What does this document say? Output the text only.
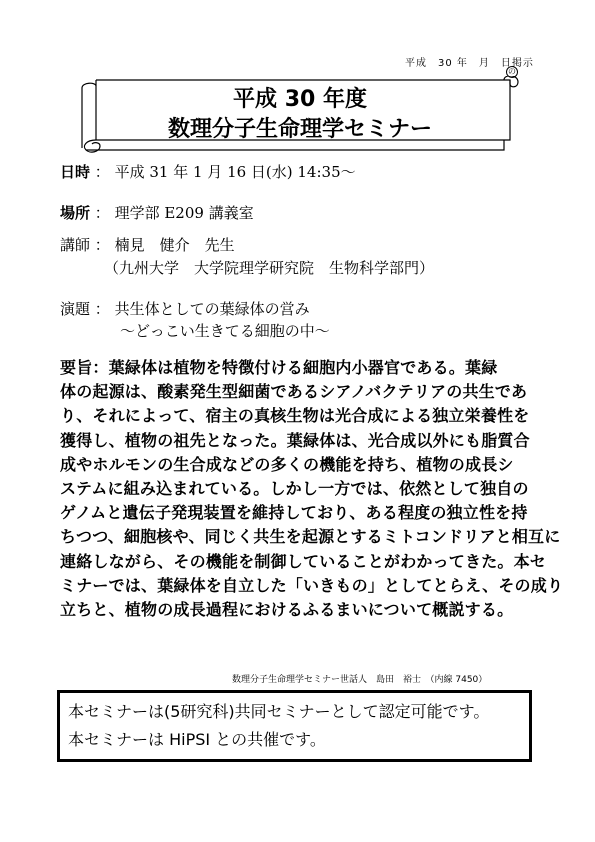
平成　30 年　月　日掲示
の
平成 30 年度
数理分子生命理学セミナー
日時 ： 平成 31 年 1 月 16 日(水) 14:35〜
場所 ： 理学部 E209 講義室
講師 ： 楠見　健介　先生
（九州大学　大学院理学研究院　生物科学部門）
演題 ： 共生体としての葉緑体の営み
〜どっこい生きてる細胞の中〜
要旨：葉緑体は植物を特徴付ける細胞内小器官である。葉緑
体の起源は、酸素発生型細菌であるシアノバクテリアの共生であ
り、それによって、宿主の真核生物は光合成による独立栄養性を
獲得し、植物の祖先となった。葉緑体は、光合成以外にも脂質合
成やホルモンの生合成などの多くの機能を持ち、植物の成長シ
ステムに組み込まれている。しかし一方では、依然として独自の
ゲノムと遺伝子発現装置を維持しており、ある程度の独立性を持
ちつつ、細胞核や、同じく共生を起源とするミトコンドリアと相互に
連絡しながら、その機能を制御していることがわかってきた。本セ
ミナーでは、葉緑体を自立した「いきもの」としてとらえ、その成り
立ちと、植物の成長過程におけるふるまいについて概説する。
数理分子生命理学セミナー世話人　島田　裕士　（内線 7450）
本セミナーは(5研究科)共同セミナーとして認定可能です。
本セミナーは HiPSI との共催です。
